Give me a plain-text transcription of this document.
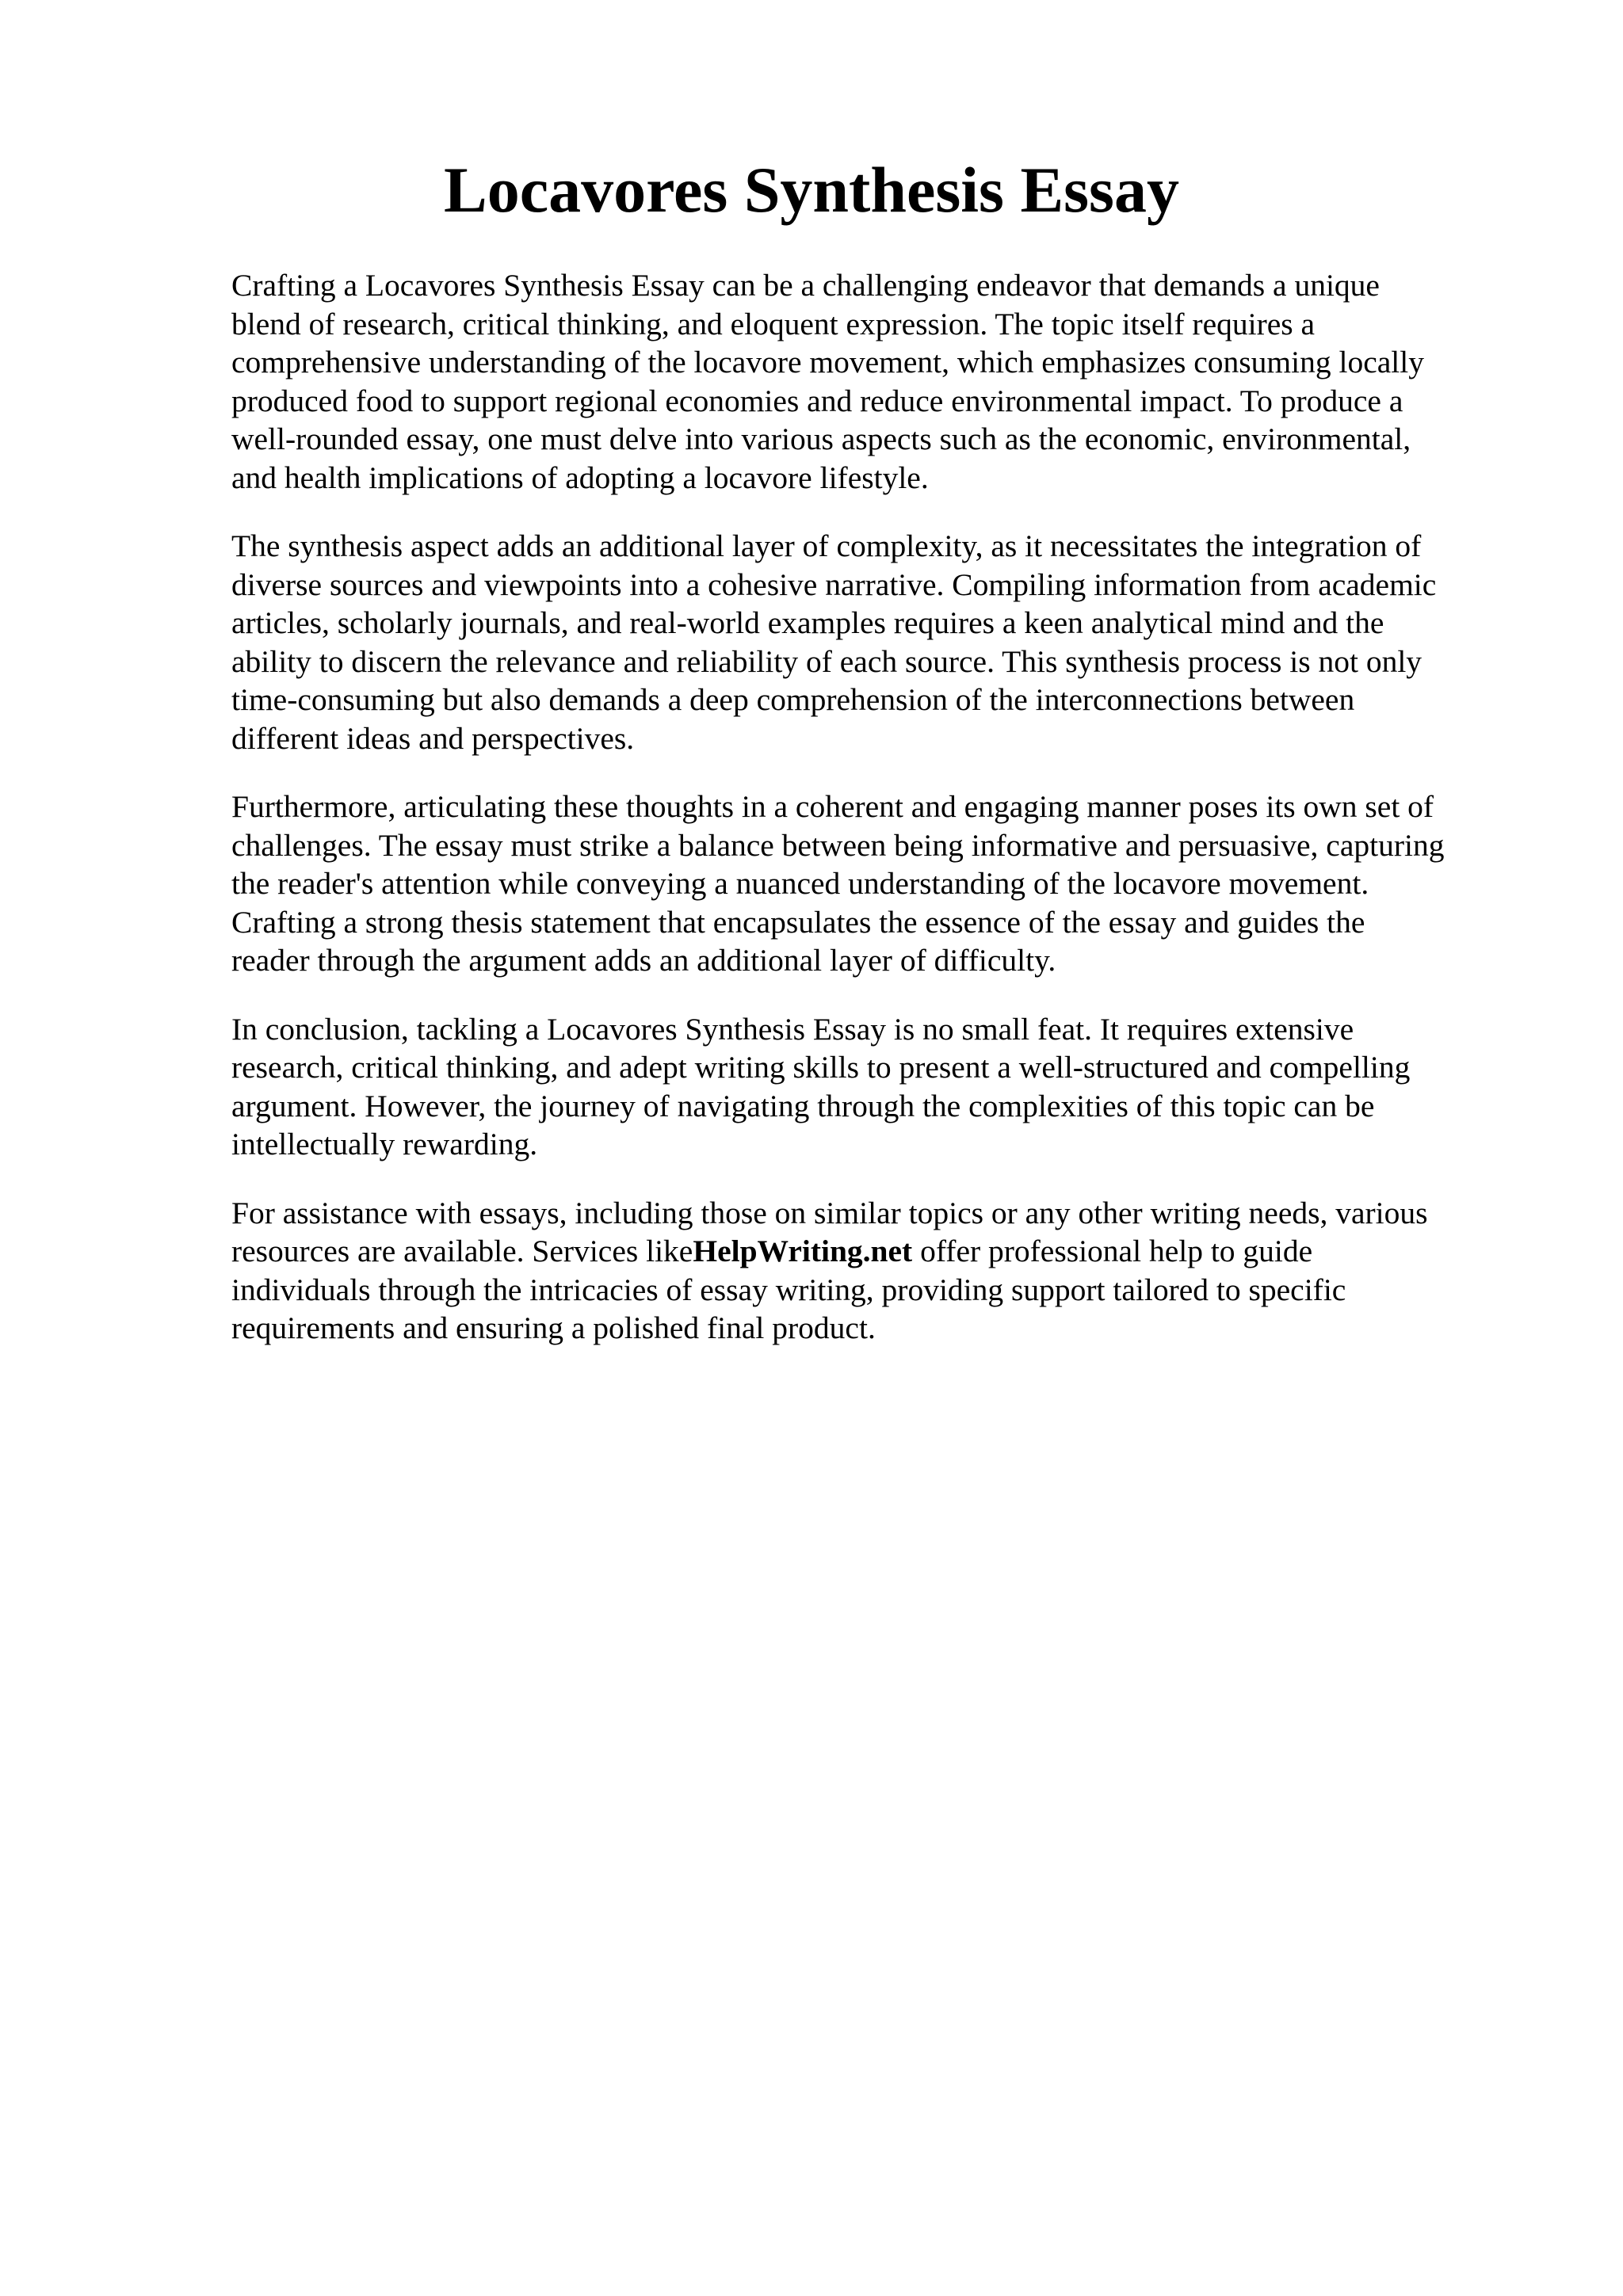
Locavores Synthesis Essay

Crafting a Locavores Synthesis Essay can be a challenging endeavor that demands a unique
blend of research, critical thinking, and eloquent expression. The topic itself requires a
comprehensive understanding of the locavore movement, which emphasizes consuming locally
produced food to support regional economies and reduce environmental impact. To produce a
well-rounded essay, one must delve into various aspects such as the economic, environmental,
and health implications of adopting a locavore lifestyle.

The synthesis aspect adds an additional layer of complexity, as it necessitates the integration of
diverse sources and viewpoints into a cohesive narrative. Compiling information from academic
articles, scholarly journals, and real-world examples requires a keen analytical mind and the
ability to discern the relevance and reliability of each source. This synthesis process is not only
time-consuming but also demands a deep comprehension of the interconnections between
different ideas and perspectives.

Furthermore, articulating these thoughts in a coherent and engaging manner poses its own set of
challenges. The essay must strike a balance between being informative and persuasive, capturing
the reader's attention while conveying a nuanced understanding of the locavore movement.
Crafting a strong thesis statement that encapsulates the essence of the essay and guides the
reader through the argument adds an additional layer of difficulty.

In conclusion, tackling a Locavores Synthesis Essay is no small feat. It requires extensive
research, critical thinking, and adept writing skills to present a well-structured and compelling
argument. However, the journey of navigating through the complexities of this topic can be
intellectually rewarding.

For assistance with essays, including those on similar topics or any other writing needs, various
resources are available. Services likeHelpWriting.net offer professional help to guide
individuals through the intricacies of essay writing, providing support tailored to specific
requirements and ensuring a polished final product.
